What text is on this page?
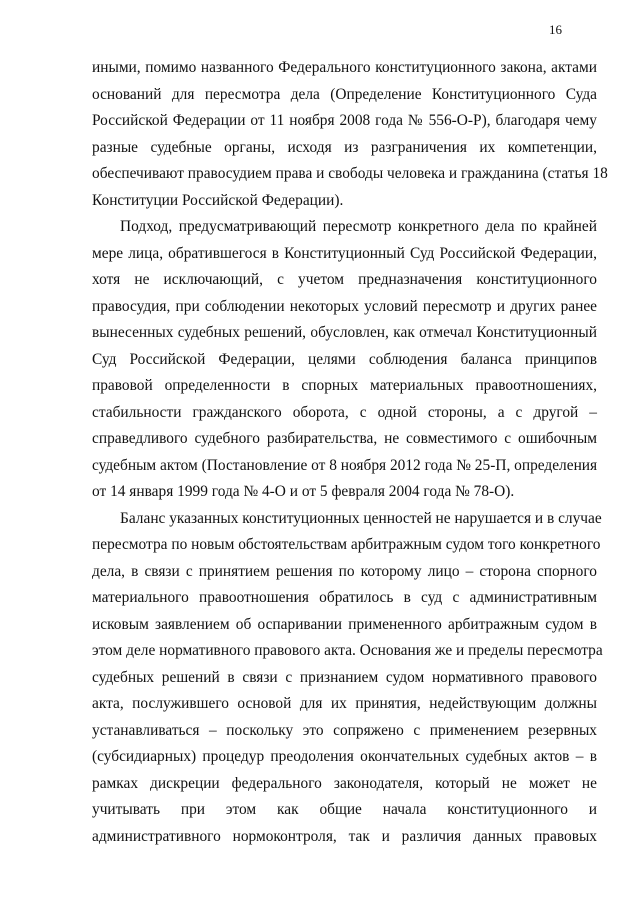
16
иными, помимо названного Федерального конституционного закона, актами
оснований для пересмотра дела (Определение Конституционного Суда
Российской Федерации от 11 ноября 2008 года № 556-О-Р), благодаря чему
разные судебные органы, исходя из разграничения их компетенции,
обеспечивают правосудием права и свободы человека и гражданина (статья 18
Конституции Российской Федерации).
Подход, предусматривающий пересмотр конкретного дела по крайней
мере лица, обратившегося в Конституционный Суд Российской Федерации,
хотя не исключающий, с учетом предназначения конституционного
правосудия, при соблюдении некоторых условий пересмотр и других ранее
вынесенных судебных решений, обусловлен, как отмечал Конституционный
Суд Российской Федерации, целями соблюдения баланса принципов
правовой определенности в спорных материальных правоотношениях,
стабильности гражданского оборота, с одной стороны, а с другой –
справедливого судебного разбирательства, не совместимого с ошибочным
судебным актом (Постановление от 8 ноября 2012 года № 25-П, определения
от 14 января 1999 года № 4-О и от 5 февраля 2004 года № 78-О).
Баланс указанных конституционных ценностей не нарушается и в случае
пересмотра по новым обстоятельствам арбитражным судом того конкретного
дела, в связи с принятием решения по которому лицо – сторона спорного
материального правоотношения обратилось в суд с административным
исковым заявлением об оспаривании примененного арбитражным судом в
этом деле нормативного правового акта. Основания же и пределы пересмотра
судебных решений в связи с признанием судом нормативного правового
акта, послужившего основой для их принятия, недействующим должны
устанавливаться – поскольку это сопряжено с применением резервных
(субсидиарных) процедур преодоления окончательных судебных актов – в
рамках дискреции федерального законодателя, который не может не
учитывать при этом как общие начала конституционного и
административного нормоконтроля, так и различия данных правовых
